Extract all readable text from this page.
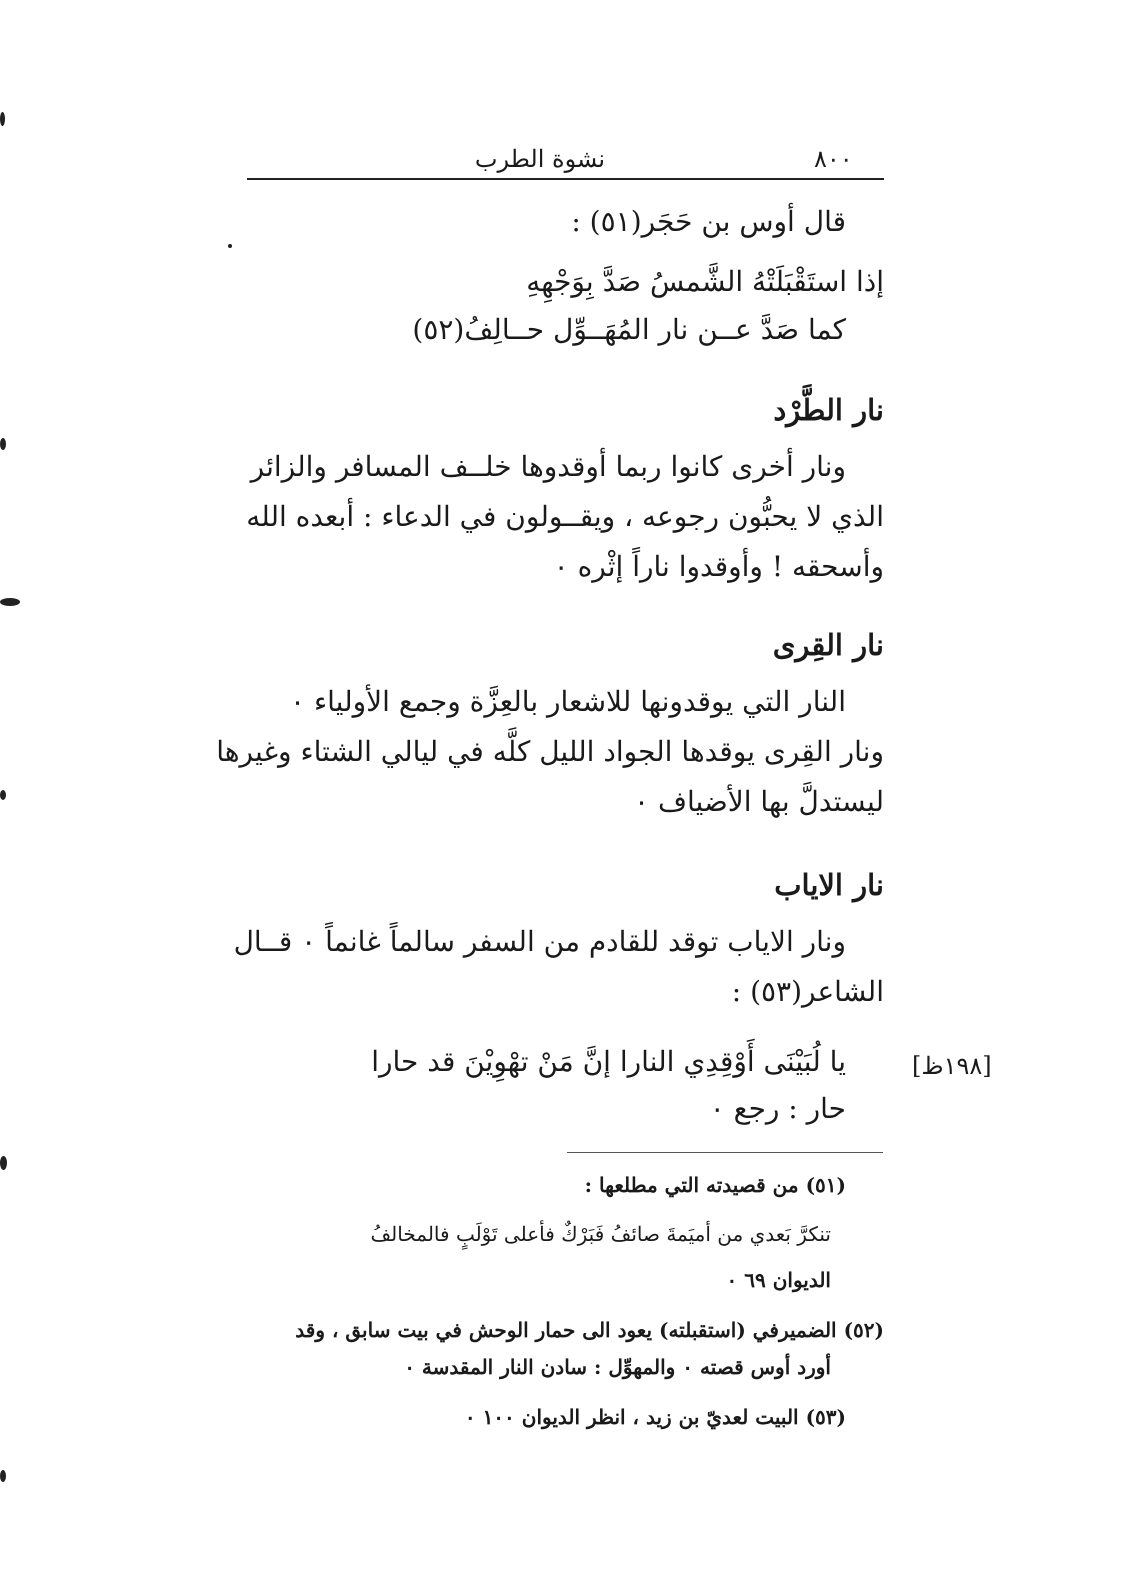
٨٠٠
نشوة الطرب
قال أوس بن حَجَر(٥١) :
إذا استَقْبَلَتْهُ الشَّمسُ صَدَّ بِوَجْهِهِ
كما صَدَّ عــن نار المُهَــوِّل حــالِفُ(٥٢)
نار الطَّرْد
ونار أخرى كانوا ربما أوقدوها خلــف المسافر والزائر
الذي لا يحبُّون رجوعه ، ويقــولون في الدعاء : أبعده الله
وأسحقه ! وأوقدوا ناراً إثْره ٠
نار القِرى
النار التي يوقدونها للاشعار بالعِزَّة وجمع الأولياء ٠
ونار القِرى يوقدها الجواد الليل كلَّه في ليالي الشتاء وغيرها
ليستدلَّ بها الأضياف ٠
نار الاياب
ونار الاياب توقد للقادم من السفر سالماً غانماً ٠ قــال
الشاعر(٥٣) :
يا لُبَيْنَى أَوْقِدِي النارا إنَّ مَنْ تهْوِيْنَ قد حارا	[١٩٨ظ]
حار : رجع ٠
(٥١) من قصيدته التي مطلعها :
تنكرَّ بَعدي من أميَمةَ صائفُ فَبَرْكٌ فأعلى تَوْلَبٍ فالمخالفُ
الديوان ٦٩ ٠
(٥٢) الضميرفي (استقبلته) يعود الى حمار الوحش في بيت سابق ، وقد
أورد أوس قصته ٠ والمهوِّل : سادن النار المقدسة ٠
(٥٣) البيت لعديّ بن زيد ، انظر الديوان ١٠٠ ٠
